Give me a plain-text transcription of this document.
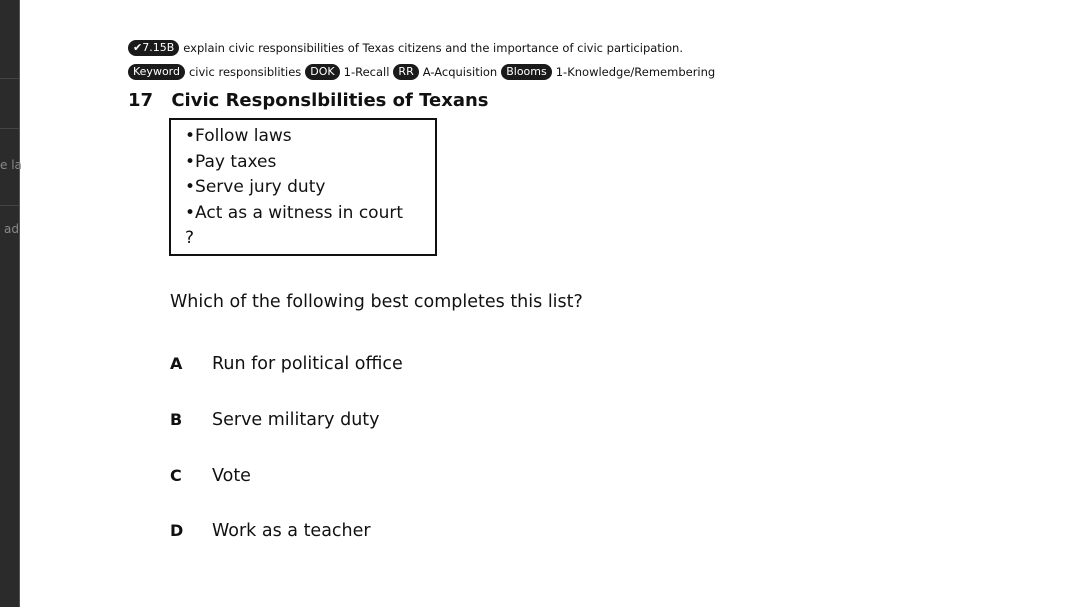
e la
ad
✔7.15B explain civic responsibilities of Texas citizens and the importance of civic participation.
Keyword civic responsiblities DOK 1-Recall RR A-Acquisition Blooms 1-Knowledge/Remembering
17 Civic Responslbilities of Texans
•Follow laws
•Pay taxes
•Serve jury duty
•Act as a witness in court
?
Which of the following best completes this list?
A	Run for political office
B	Serve military duty
C	Vote
D	Work as a teacher
